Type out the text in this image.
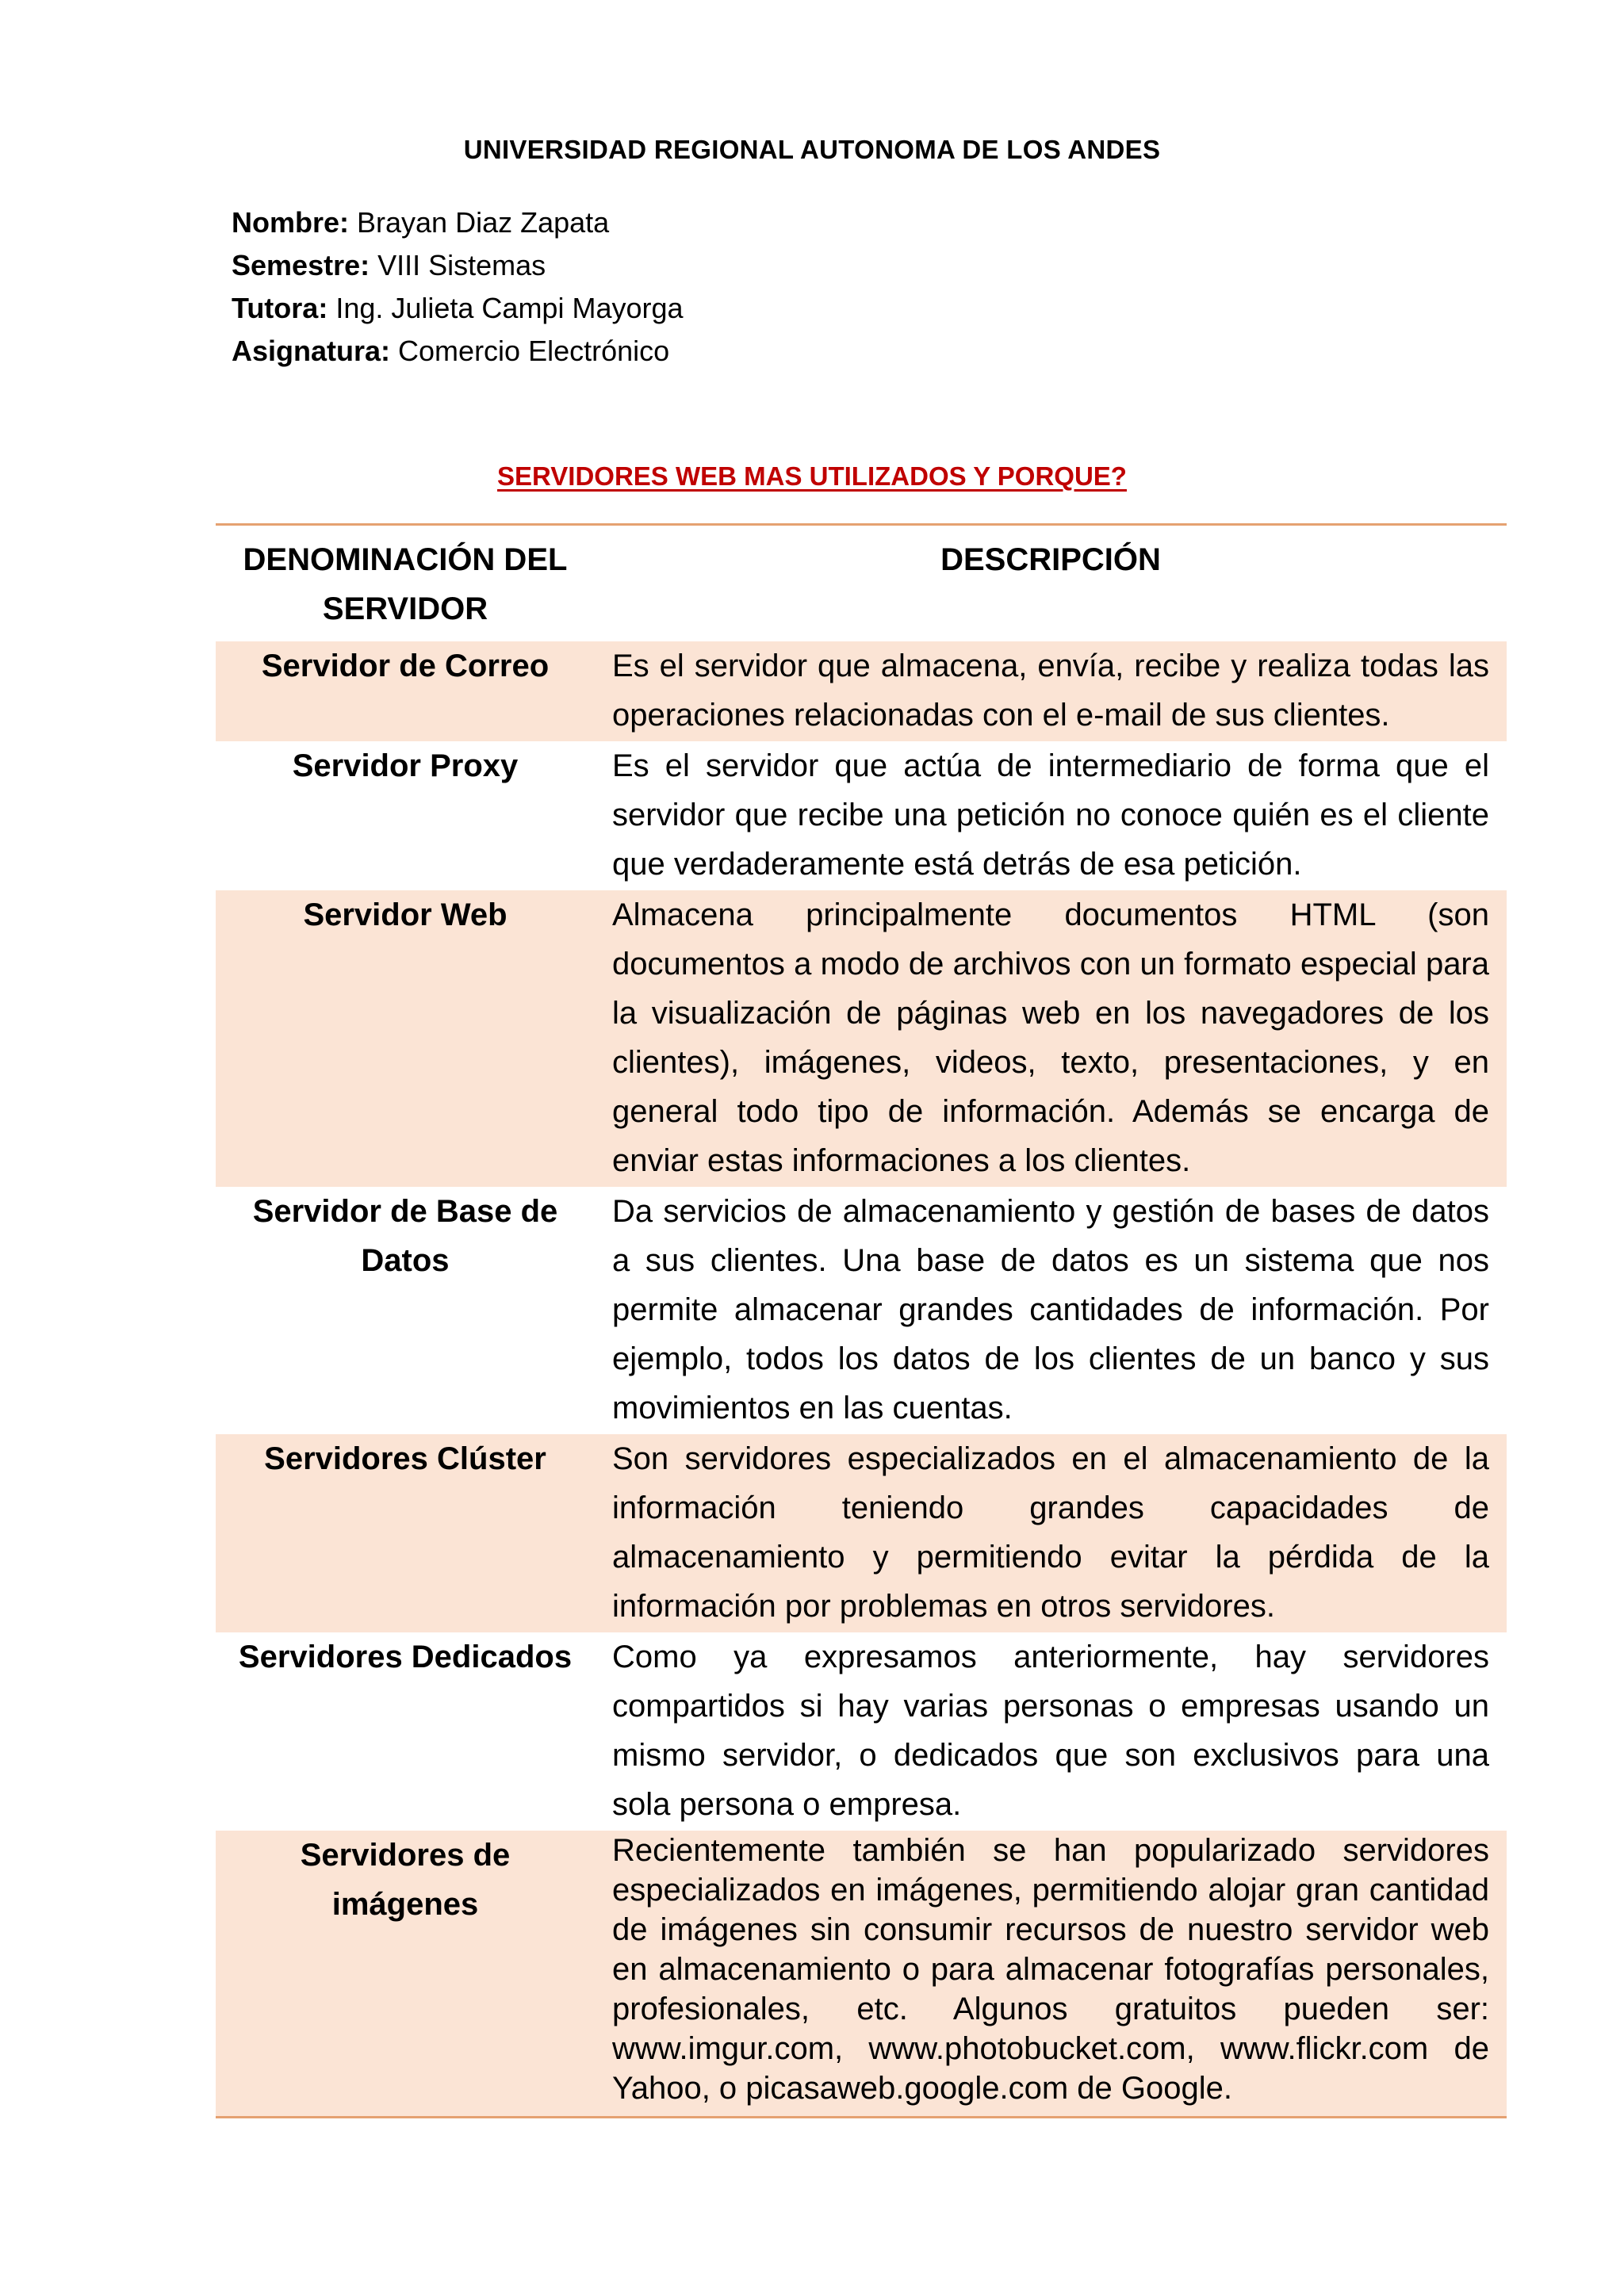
UNIVERSIDAD REGIONAL AUTONOMA DE LOS ANDES
Nombre: Brayan Diaz Zapata
Semestre: VIII Sistemas
Tutora: Ing. Julieta Campi Mayorga
Asignatura: Comercio Electrónico
SERVIDORES WEB MAS UTILIZADOS Y PORQUE?
DENOMINACIÓN DEL SERVIDOR	DESCRIPCIÓN
Servidor de Correo	Es el servidor que almacena, envía, recibe y realiza todas las operaciones relacionadas con el e-mail de sus clientes.
Servidor Proxy	Es el servidor que actúa de intermediario de forma que el servidor que recibe una petición no conoce quién es el cliente que verdaderamente está detrás de esa petición.
Servidor Web	Almacena principalmente documentos HTML (son documentos a modo de archivos con un formato especial para la visualización de páginas web en los navegadores de los clientes), imágenes, videos, texto, presentaciones, y en general todo tipo de información. Además se encarga de enviar estas informaciones a los clientes.
Servidor de Base de Datos	Da servicios de almacenamiento y gestión de bases de datos a sus clientes. Una base de datos es un sistema que nos permite almacenar grandes cantidades de información. Por ejemplo, todos los datos de los clientes de un banco y sus movimientos en las cuentas.
Servidores Clúster	Son servidores especializados en el almacenamiento de la información teniendo grandes capacidades de almacenamiento y permitiendo evitar la pérdida de la información por problemas en otros servidores.
Servidores Dedicados	Como ya expresamos anteriormente, hay servidores compartidos si hay varias personas o empresas usando un mismo servidor, o dedicados que son exclusivos para una sola persona o empresa.
Servidores de imágenes	Recientemente también se han popularizado servidores especializados en imágenes, permitiendo alojar gran cantidad de imágenes sin consumir recursos de nuestro servidor web en almacenamiento o para almacenar fotografías personales, profesionales, etc. Algunos gratuitos pueden ser: www.imgur.com, www.photobucket.com, www.flickr.com de Yahoo, o picasaweb.google.com de Google.
